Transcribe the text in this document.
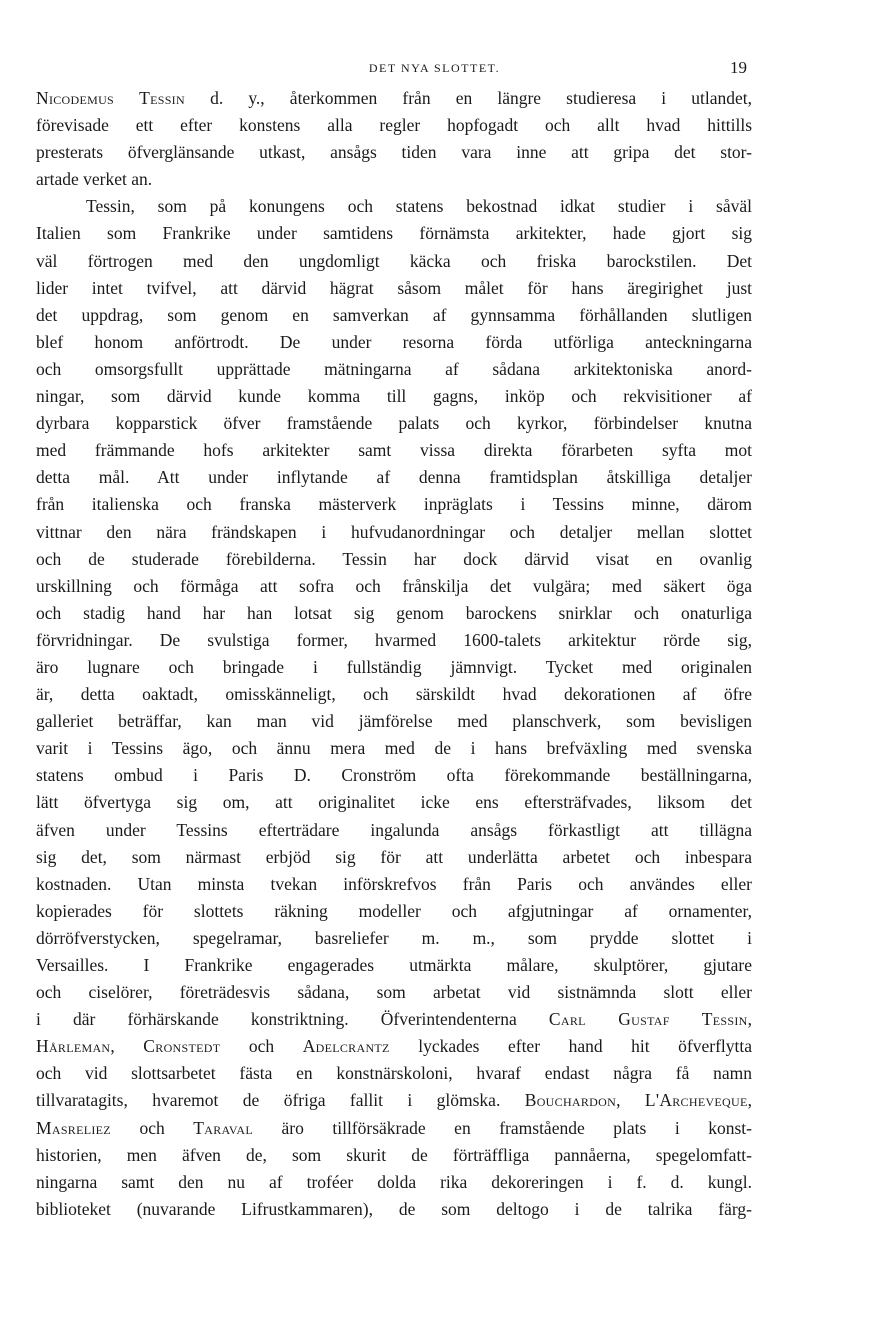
DET NYA SLOTTET.	19
Nicodemus Tessin d. y., återkommen från en längre studieresa i utlandet,
förevisade ett efter konstens alla regler hopfogadt och allt hvad hittills
presterats öfverglänsande utkast, ansågs tiden vara inne att gripa det stor-
artade verket an.
Tessin, som på konungens och statens bekostnad idkat studier i såväl
Italien som Frankrike under samtidens förnämsta arkitekter, hade gjort sig
väl förtrogen med den ungdomligt käcka och friska barockstilen. Det
lider intet tvifvel, att därvid hägrat såsom målet för hans äregirighet just
det uppdrag, som genom en samverkan af gynnsamma förhållanden slutligen
blef honom anförtrodt. De under resorna förda utförliga anteckningarna
och omsorgsfullt upprättade mätningarna af sådana arkitektoniska anord-
ningar, som därvid kunde komma till gagns, inköp och rekvisitioner af
dyrbara kopparstick öfver framstående palats och kyrkor, förbindelser knutna
med främmande hofs arkitekter samt vissa direkta förarbeten syfta mot
detta mål. Att under inflytande af denna framtidsplan åtskilliga detaljer
från italienska och franska mästerverk inpräglats i Tessins minne, därom
vittnar den nära frändskapen i hufvudanordningar och detaljer mellan slottet
och de studerade förebilderna. Tessin har dock därvid visat en ovanlig
urskillning och förmåga att sofra och frånskilja det vulgära; med säkert öga
och stadig hand har han lotsat sig genom barockens snirklar och onaturliga
förvridningar. De svulstiga former, hvarmed 1600-talets arkitektur rörde sig,
äro lugnare och bringade i fullständig jämnvigt. Tycket med originalen
är, detta oaktadt, omisskänneligt, och särskildt hvad dekorationen af öfre
galleriet beträffar, kan man vid jämförelse med planschverk, som bevisligen
varit i Tessins ägo, och ännu mera med de i hans brefväxling med svenska
statens ombud i Paris D. Cronström ofta förekommande beställningarna,
lätt öfvertyga sig om, att originalitet icke ens eftersträfvades, liksom det
äfven under Tessins efterträdare ingalunda ansågs förkastligt att tillägna
sig det, som närmast erbjöd sig för att underlätta arbetet och inbespara
kostnaden. Utan minsta tvekan införskrefvos från Paris och användes eller
kopierades för slottets räkning modeller och afgjutningar af ornamenter,
dörröfverstycken, spegelramar, basreliefer m. m., som prydde slottet i
Versailles. I Frankrike engagerades utmärkta målare, skulptörer, gjutare
och ciselörer, företrädesvis sådana, som arbetat vid sistnämnda slott eller
i där förhärskande konstriktning. Öfverintendenterna Carl Gustaf Tessin,
Hårleman, Cronstedt och Adelcrantz lyckades efter hand hit öfverflytta
och vid slottsarbetet fästa en konstnärskoloni, hvaraf endast några få namn
tillvaratagits, hvaremot de öfriga fallit i glömska. Bouchardon, L'Archeveque,
Masreliez och Taraval äro tillförsäkrade en framstående plats i konst-
historien, men äfven de, som skurit de förträffliga pannåerna, spegelomfatt-
ningarna samt den nu af troféer dolda rika dekoreringen i f. d. kungl.
biblioteket (nuvarande Lifrustkammaren), de som deltogo i de talrika färg-
